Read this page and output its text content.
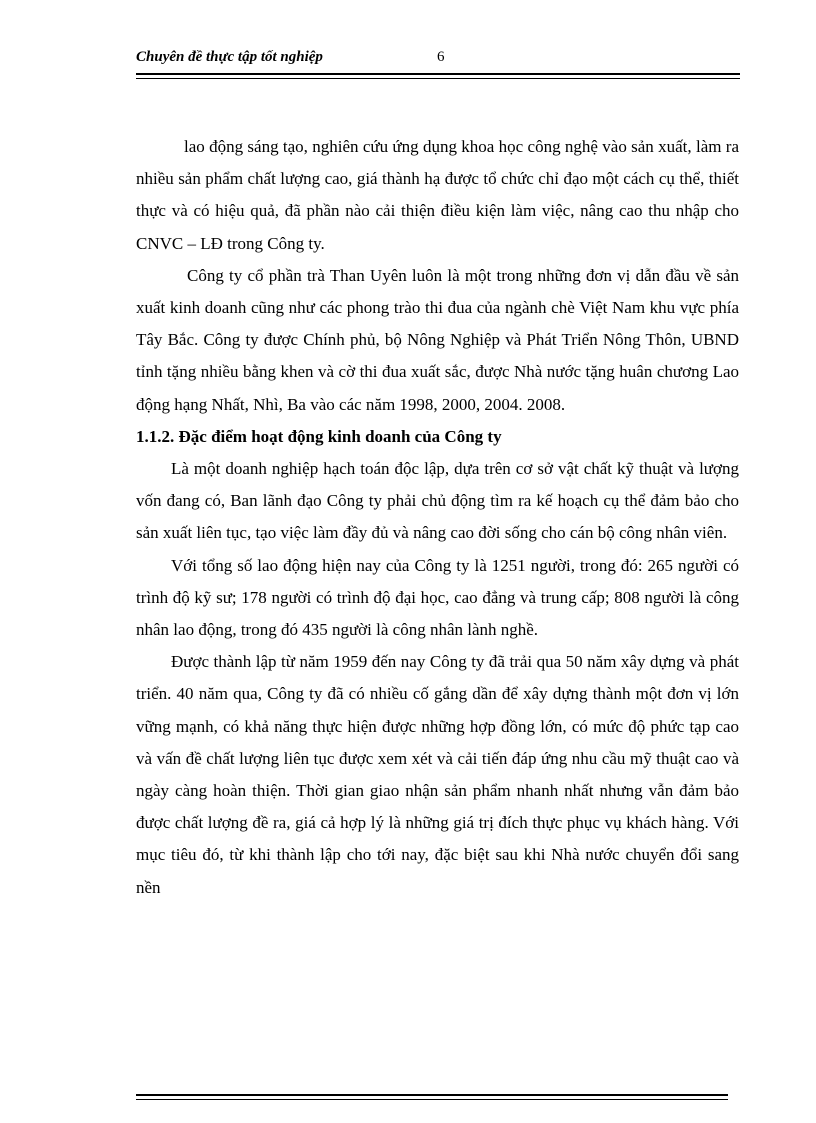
Chuyên đề thực tập tốt nghiệp	6

lao động sáng tạo, nghiên cứu ứng dụng khoa học công nghệ vào sản xuất, làm ra nhiều sản phẩm chất lượng cao, giá thành hạ được tổ chức chỉ đạo một cách cụ thể, thiết thực và có hiệu quả, đã phần nào cải thiện điều kiện làm việc, nâng cao thu nhập cho CNVC – LĐ trong Công ty.

Công ty cổ phần trà Than Uyên luôn là một trong những đơn vị dẫn đầu về sản xuất kinh doanh cũng như các phong trào thi đua của ngành chè Việt Nam khu vực phía Tây Bắc. Công ty được Chính phủ, bộ Nông Nghiệp và Phát Triển Nông Thôn, UBND tỉnh tặng nhiều bằng khen và cờ thi đua xuất sắc, được Nhà nước tặng huân chương Lao động hạng Nhất, Nhì, Ba vào các năm 1998, 2000, 2004. 2008.

1.1.2. Đặc điểm hoạt động kinh doanh của Công ty

Là một doanh nghiệp hạch toán độc lập, dựa trên cơ sở vật chất kỹ thuật và lượng vốn đang có, Ban lãnh đạo Công ty phải chủ động tìm ra kế hoạch cụ thể đảm bảo cho sản xuất liên tục, tạo việc làm đầy đủ và nâng cao đời sống cho cán bộ công nhân viên.

Với tổng số lao động hiện nay của Công ty là 1251 người, trong đó: 265 người có trình độ kỹ sư; 178 người có trình độ đại học, cao đẳng và trung cấp; 808 người là công nhân lao động, trong đó 435 người là công nhân lành nghề.

Được thành lập từ năm 1959 đến nay Công ty đã trải qua 50 năm xây dựng và phát triển. 40 năm qua, Công ty đã có nhiều cố gắng dần để xây dựng thành một đơn vị lớn vững mạnh, có khả năng thực hiện được những hợp đồng lớn, có mức độ phức tạp cao và vấn đề chất lượng liên tục được xem xét và cải tiến đáp ứng nhu cầu mỹ thuật cao và ngày càng hoàn thiện. Thời gian giao nhận sản phẩm nhanh nhất nhưng vẫn đảm bảo được chất lượng đề ra, giá cả hợp lý là những giá trị đích thực phục vụ khách hàng. Với mục tiêu đó, từ khi thành lập cho tới nay, đặc biệt sau khi Nhà nước chuyển đổi sang nền
